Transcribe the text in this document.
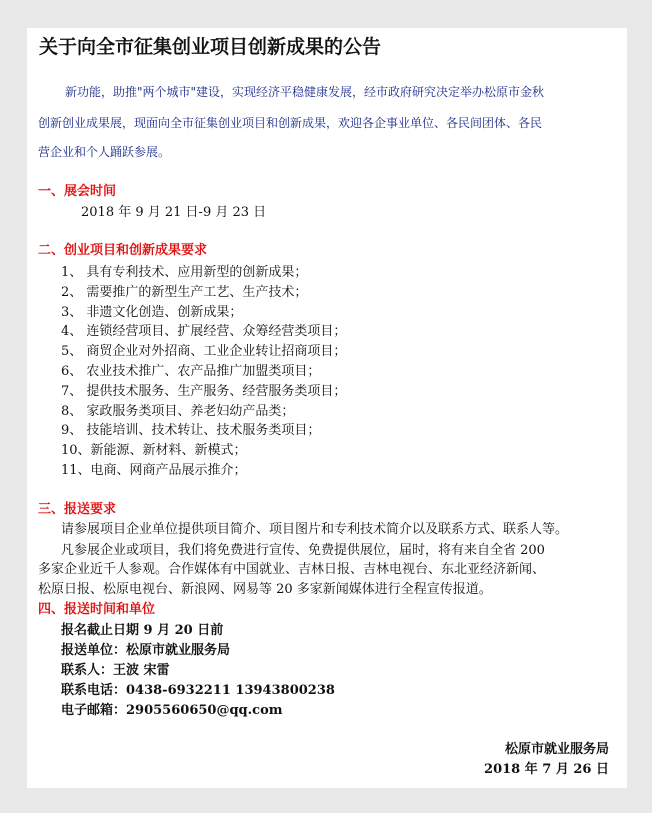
关于向全市征集创业项目创新成果的公告

新功能，助推"两个城市"建设，实现经济平稳健康发展，经市政府研究决定举办松原市金秋

创新创业成果展，现面向全市征集创业项目和创新成果，欢迎各企事业单位、各民间团体、各民

营企业和个人踊跃参展。

一、展会时间

2018 年 9 月 21 日-9 月 23 日

二、创业项目和创新成果要求

1、 具有专利技术、应用新型的创新成果；

2、 需要推广的新型生产工艺、生产技术；

3、 非遗文化创造、创新成果；

4、 连锁经营项目、扩展经营、众筹经营类项目；

5、 商贸企业对外招商、工业企业转让招商项目；

6、 农业技术推广、农产品推广加盟类项目；

7、 提供技术服务、生产服务、经营服务类项目；

8、 家政服务类项目、养老妇幼产品类；

9、 技能培训、技术转让、技术服务类项目；

10、新能源、新材料、新模式；

11、电商、网商产品展示推介；

三、报送要求

请参展项目企业单位提供项目简介、项目图片和专利技术简介以及联系方式、联系人等。

凡参展企业或项目，我们将免费进行宣传、免费提供展位，届时，将有来自全省 200

多家企业近千人参观。合作媒体有中国就业、吉林日报、吉林电视台、东北亚经济新闻、

松原日报、松原电视台、新浪网、网易等 20 多家新闻媒体进行全程宣传报道。

四、报送时间和单位

报名截止日期 9 月 20 日前

报送单位：松原市就业服务局

联系人：王波 宋雷

联系电话：0438-6932211 13943800238

电子邮箱：2905560650@qq.com

松原市就业服务局

2018 年 7 月 26 日
